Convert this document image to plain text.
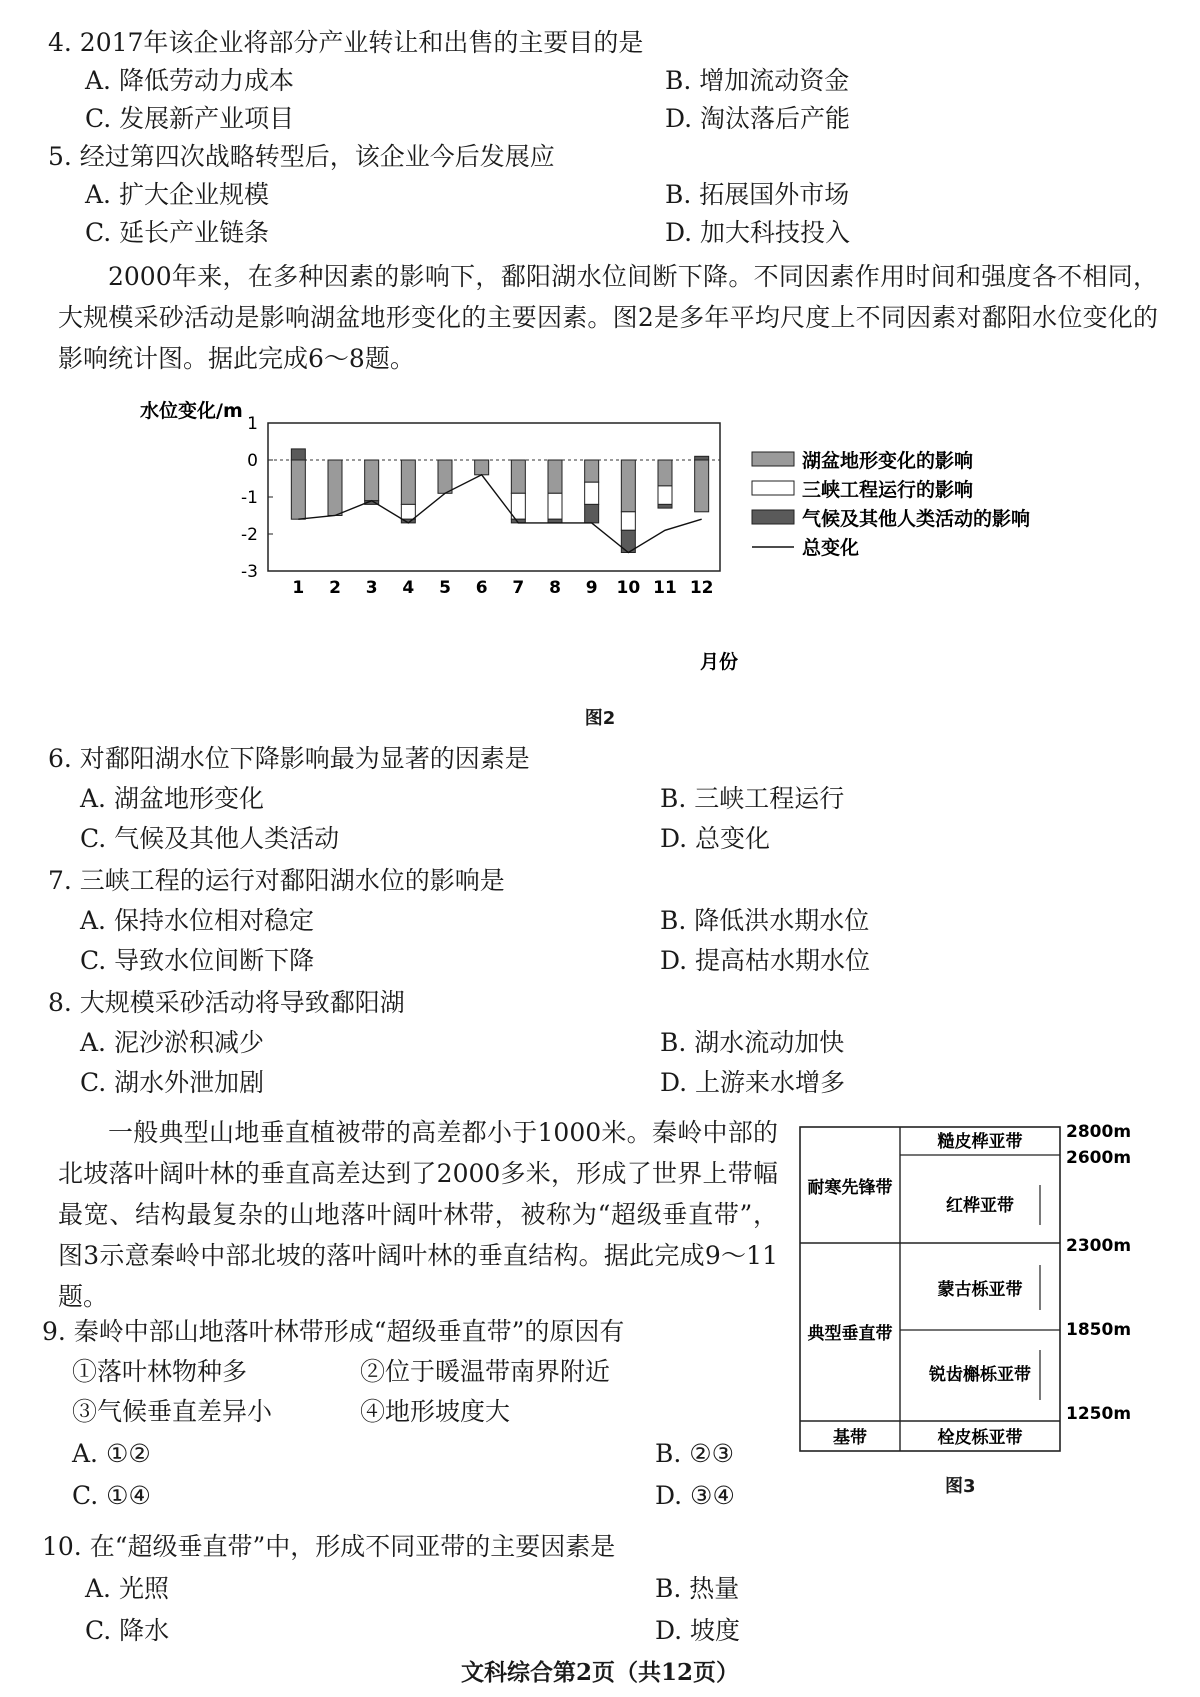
4. 2017年该企业将部分产业转让和出售的主要目的是
A. 降低劳动力成本	B. 增加流动资金
C. 发展新产业项目	D. 淘汰落后产能
5. 经过第四次战略转型后，该企业今后发展应
A. 扩大企业规模	B. 拓展国外市场
C. 延长产业链条	D. 加大科技投入
2000年来，在多种因素的影响下，鄱阳湖水位间断下降。不同因素作用时间和强度各不相同，大规模采砂活动是影响湖盆地形变化的主要因素。图2是多年平均尺度上不同因素对鄱阳水位变化的影响统计图。据此完成6～8题。
水位变化/m
月份
1
0
-1
-2
-3
1 2 3 4 5 6 7 8 9 10 11 12
湖盆地形变化的影响
三峡工程运行的影响
气候及其他人类活动的影响
总变化
图2
6. 对鄱阳湖水位下降影响最为显著的因素是
A. 湖盆地形变化	B. 三峡工程运行
C. 气候及其他人类活动	D. 总变化
7. 三峡工程的运行对鄱阳湖水位的影响是
A. 保持水位相对稳定	B. 降低洪水期水位
C. 导致水位间断下降	D. 提高枯水期水位
8. 大规模采砂活动将导致鄱阳湖
A. 泥沙淤积减少	B. 湖水流动加快
C. 湖水外泄加剧	D. 上游来水增多
一般典型山地垂直植被带的高差都小于1000米。秦岭中部的北坡落叶阔叶林的垂直高差达到了2000多米，形成了世界上带幅最宽、结构最复杂的山地落叶阔叶林带，被称为“超级垂直带”，图3示意秦岭中部北坡的落叶阔叶林的垂直结构。据此完成9～11题。
耐寒先锋带
典型垂直带
基带
糙皮桦亚带
红桦亚带
蒙古栎亚带
锐齿槲栎亚带
栓皮栎亚带
2800m
2600m
2300m
1850m
1250m
图3
9. 秦岭中部山地落叶林带形成“超级垂直带”的原因有
①落叶林物种多	②位于暖温带南界附近
③气候垂直差异小	④地形坡度大
A. ①②	B. ②③
C. ①④	D. ③④
10. 在“超级垂直带”中，形成不同亚带的主要因素是
A. 光照	B. 热量
C. 降水	D. 坡度
文科综合第2页（共12页）
